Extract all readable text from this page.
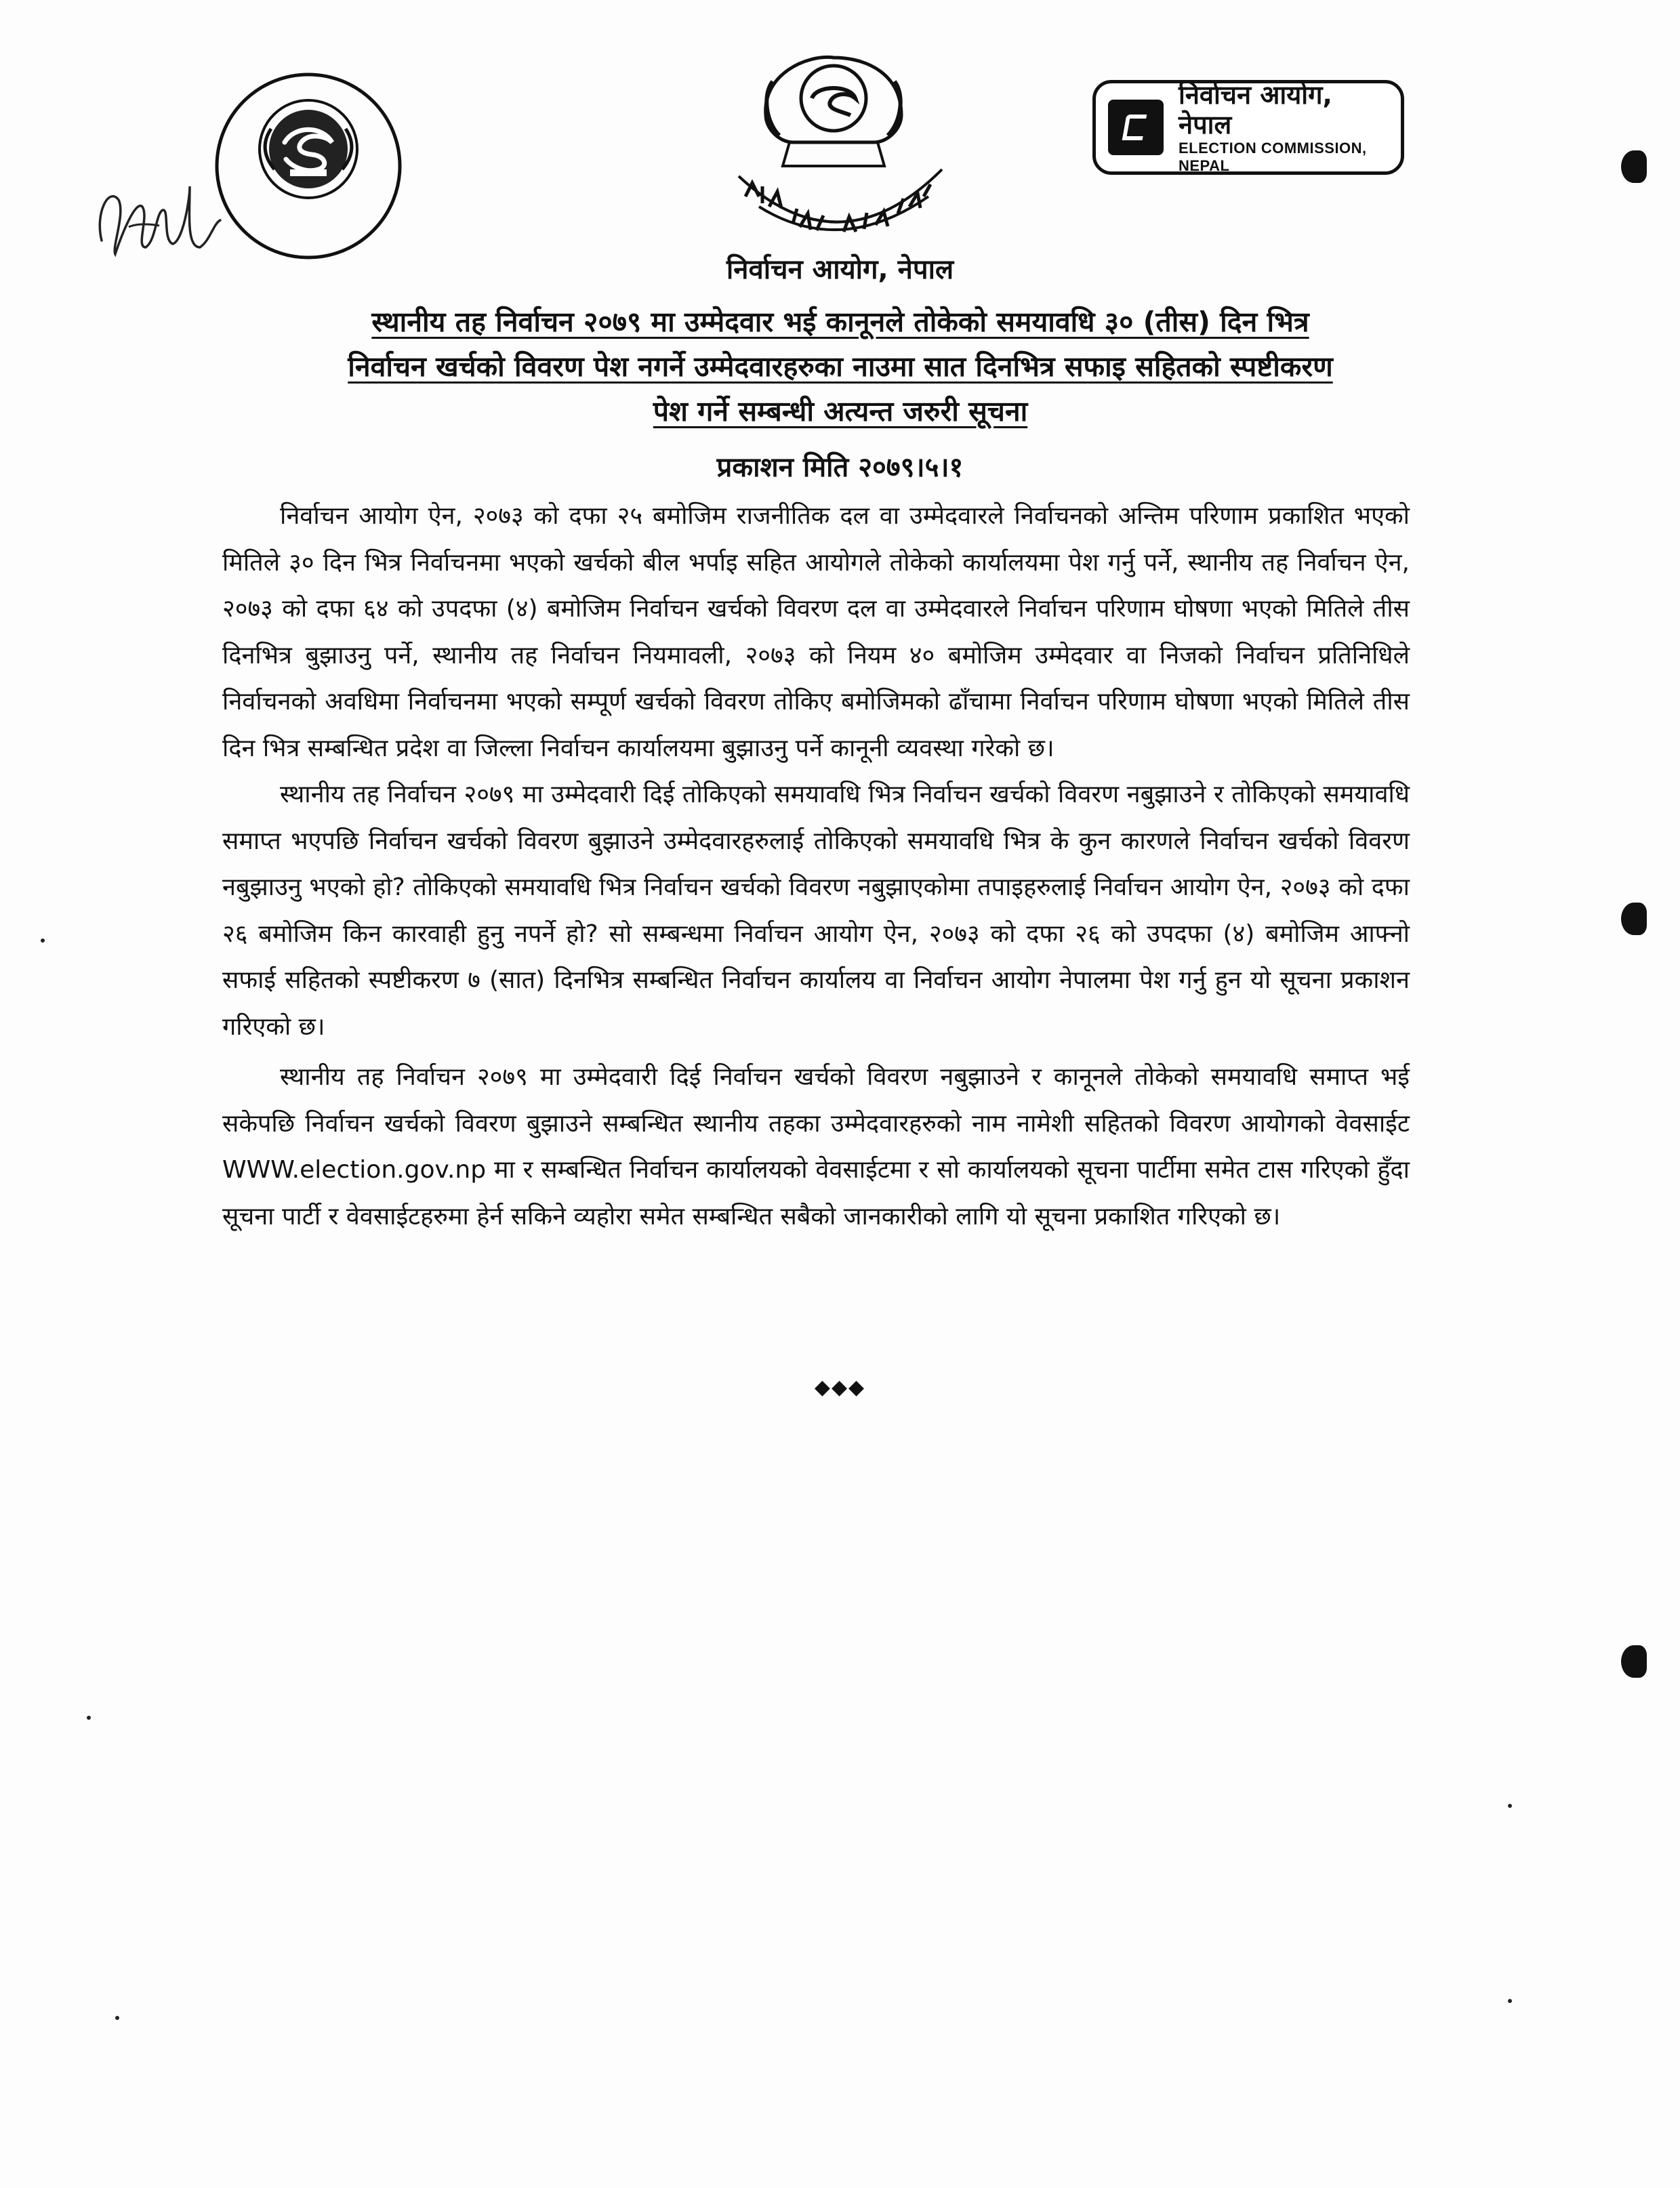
निर्वाचन आयोग, नेपाल
ELECTION COMMISSION, NEPAL
निर्वाचन आयोग, नेपाल
स्थानीय तह निर्वाचन २०७९ मा उम्मेदवार भई कानूनले तोकेको समयावधि ३० (तीस) दिन भित्र
निर्वाचन खर्चको विवरण पेश नगर्ने उम्मेदवारहरुका नाउमा सात दिनभित्र सफाइ सहितको स्पष्टीकरण
पेश गर्ने सम्बन्धी अत्यन्त जरुरी सूचना
प्रकाशन मिति २०७९।५।१

निर्वाचन आयोग ऐन, २०७३ को दफा २५ बमोजिम राजनीतिक दल वा उम्मेदवारले निर्वाचनको अन्तिम परिणाम प्रकाशित भएको मितिले ३० दिन भित्र निर्वाचनमा भएको खर्चको बील भर्पाइ सहित आयोगले तोकेको कार्यालयमा पेश गर्नु पर्ने, स्थानीय तह निर्वाचन ऐन, २०७३ को दफा ६४ को उपदफा (४) बमोजिम निर्वाचन खर्चको विवरण दल वा उम्मेदवारले निर्वाचन परिणाम घोषणा भएको मितिले तीस दिनभित्र बुझाउनु पर्ने, स्थानीय तह निर्वाचन नियमावली, २०७३ को नियम ४० बमोजिम उम्मेदवार वा निजको निर्वाचन प्रतिनिधिले निर्वाचनको अवधिमा निर्वाचनमा भएको सम्पूर्ण खर्चको विवरण तोकिए बमोजिमको ढाँचामा निर्वाचन परिणाम घोषणा भएको मितिले तीस दिन भित्र सम्बन्धित प्रदेश वा जिल्ला निर्वाचन कार्यालयमा बुझाउनु पर्ने कानूनी व्यवस्था गरेको छ।

स्थानीय तह निर्वाचन २०७९ मा उम्मेदवारी दिई तोकिएको समयावधि भित्र निर्वाचन खर्चको विवरण नबुझाउने र तोकिएको समयावधि समाप्त भएपछि निर्वाचन खर्चको विवरण बुझाउने उम्मेदवारहरुलाई तोकिएको समयावधि भित्र के कुन कारणले निर्वाचन खर्चको विवरण नबुझाउनु भएको हो? तोकिएको समयावधि भित्र निर्वाचन खर्चको विवरण नबुझाएकोमा तपाइहरुलाई निर्वाचन आयोग ऐन, २०७३ को दफा २६ बमोजिम किन कारवाही हुनु नपर्ने हो? सो सम्बन्धमा निर्वाचन आयोग ऐन, २०७३ को दफा २६ को उपदफा (४) बमोजिम आफ्नो सफाई सहितको स्पष्टीकरण ७ (सात) दिनभित्र सम्बन्धित निर्वाचन कार्यालय वा निर्वाचन आयोग नेपालमा पेश गर्नु हुन यो सूचना प्रकाशन गरिएको छ।

स्थानीय तह निर्वाचन २०७९ मा उम्मेदवारी दिई निर्वाचन खर्चको विवरण नबुझाउने र कानूनले तोकेको समयावधि समाप्त भई सकेपछि निर्वाचन खर्चको विवरण बुझाउने सम्बन्धित स्थानीय तहका उम्मेदवारहरुको नाम नामेशी सहितको विवरण आयोगको वेवसाईट WWW.election.gov.np मा र सम्बन्धित निर्वाचन कार्यालयको वेवसाईटमा र सो कार्यालयको सूचना पार्टीमा समेत टास गरिएको हुँदा सूचना पार्टी र वेवसाईटहरुमा हेर्न सकिने व्यहोरा समेत सम्बन्धित सबैको जानकारीको लागि यो सूचना प्रकाशित गरिएको छ।

◆◆◆
